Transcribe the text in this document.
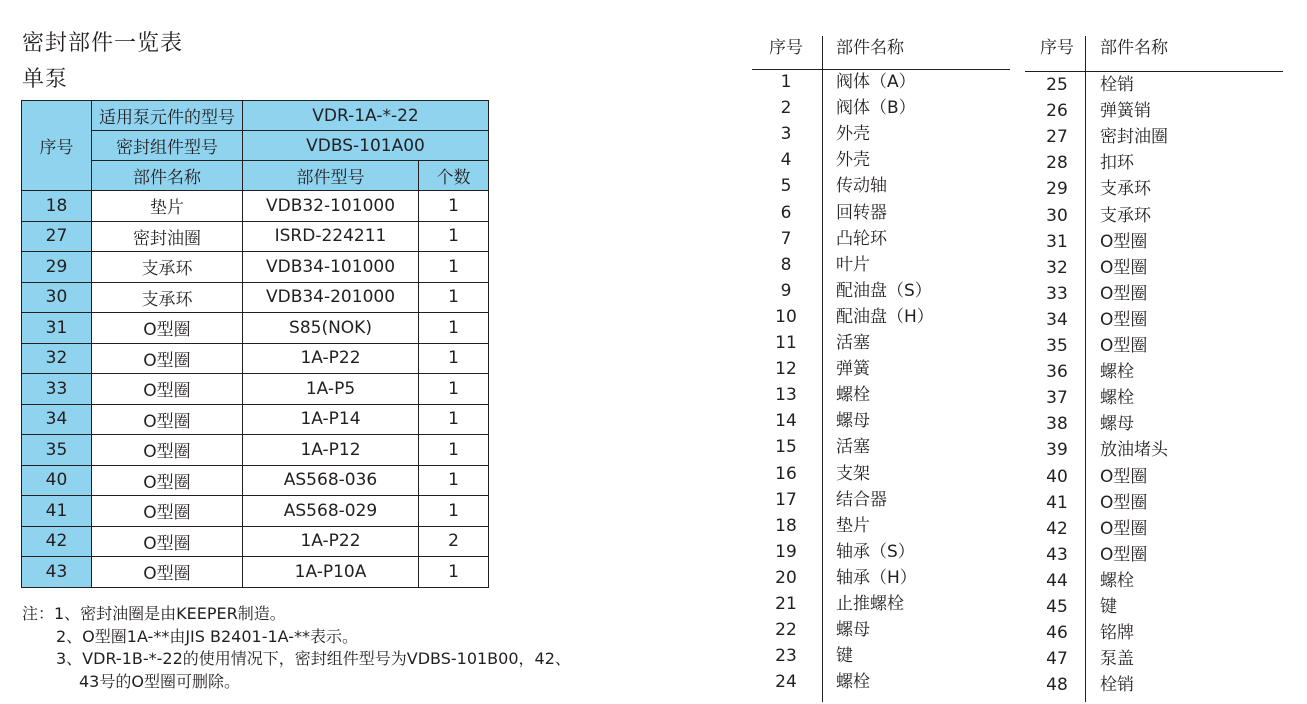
密封部件一览表
单泵
序号	适用泵元件的型号	VDR-1A-*-22	
	密封组件型号	VDBS-101A00	
	部件名称	部件型号	个数
18	垫片	VDB32-101000	1
27	密封油圈	ISRD-224211	1
29	支承环	VDB34-101000	1
30	支承环	VDB34-201000	1
31	O型圈	S85(NOK)	1
32	O型圈	1A-P22	1
33	O型圈	1A-P5	1
34	O型圈	1A-P14	1
35	O型圈	1A-P12	1
40	O型圈	AS568-036	1
41	O型圈	AS568-029	1
42	O型圈	1A-P22	2
43	O型圈	1A-P10A	1
注：1、密封油圈是由KEEPER制造。
2、O型圈1A-**由JIS B2401-1A-**表示。
3、VDR-1B-*-22的使用情况下，密封组件型号为VDBS-101B00，42、
43号的O型圈可删除。
序号	部件名称
1	阀体（A）
2	阀体（B）
3	外壳
4	外壳
5	传动轴
6	回转器
7	凸轮环
8	叶片
9	配油盘（S）
10	配油盘（H）
11	活塞
12	弹簧
13	螺栓
14	螺母
15	活塞
16	支架
17	结合器
18	垫片
19	轴承（S）
20	轴承（H）
21	止推螺栓
22	螺母
23	键
24	螺栓
序号	部件名称
25	栓销
26	弹簧销
27	密封油圈
28	扣环
29	支承环
30	支承环
31	O型圈
32	O型圈
33	O型圈
34	O型圈
35	O型圈
36	螺栓
37	螺栓
38	螺母
39	放油堵头
40	O型圈
41	O型圈
42	O型圈
43	O型圈
44	螺栓
45	键
46	铭牌
47	泵盖
48	栓销
